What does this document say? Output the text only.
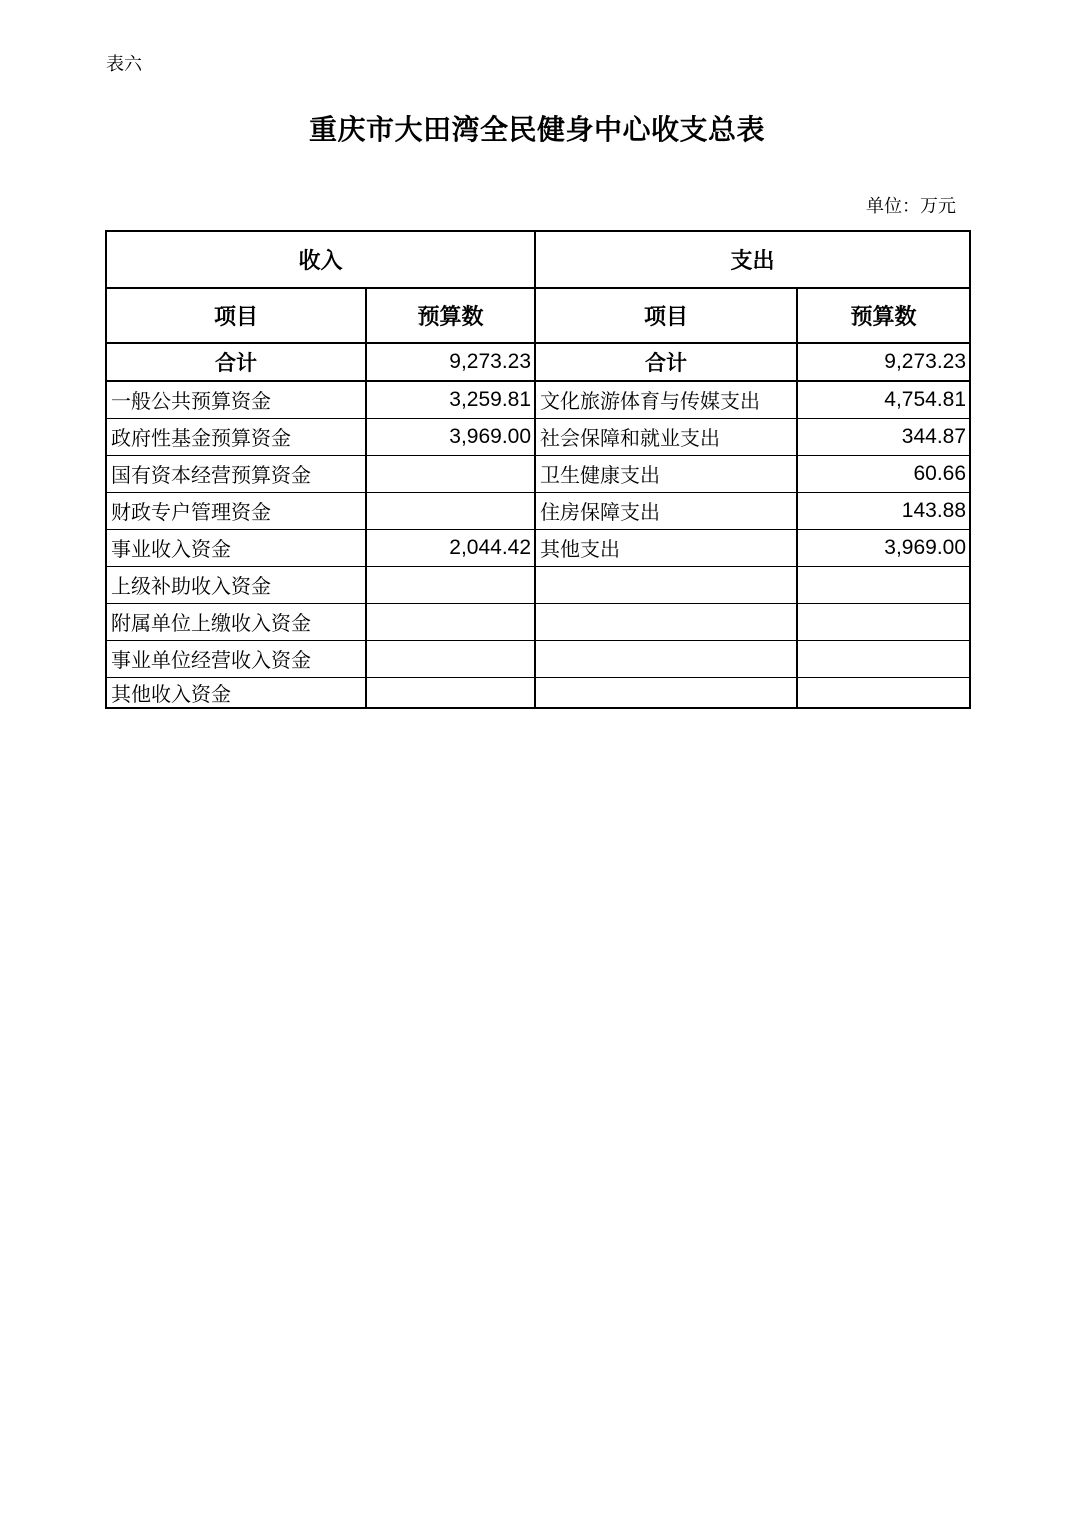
表六
重庆市大田湾全民健身中心收支总表
单位：万元
收入		支出	
项目	预算数	项目	预算数
合计	9,273.23	合计	9,273.23
一般公共预算资金	3,259.81	文化旅游体育与传媒支出	4,754.81
政府性基金预算资金	3,969.00	社会保障和就业支出	344.87
国有资本经营预算资金		卫生健康支出	60.66
财政专户管理资金		住房保障支出	143.88
事业收入资金	2,044.42	其他支出	3,969.00
上级补助收入资金			
附属单位上缴收入资金			
事业单位经营收入资金			
其他收入资金			
